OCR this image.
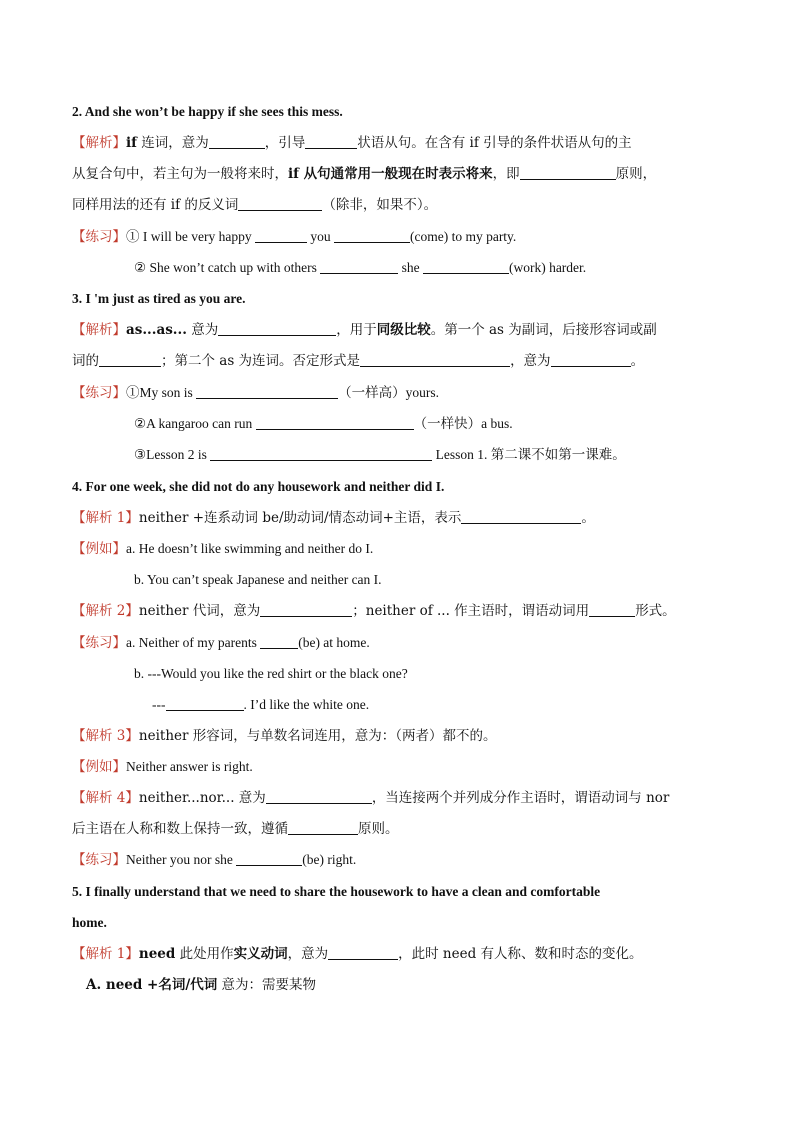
2. And she won’t be happy if she sees this mess.
【解析】if 连词，意为	，引导	状语从句。在含有 if 引导的条件状语从句的主
从复合句中，若主句为一般将来时，if 从句通常用一般现在时表示将来，即	原则，
同样用法的还有 if 的反义词	（除非，如果不）。
【练习】① I will be very happy	you	(come) to my party.
② She won’t catch up with others	she	(work) harder.
3. I 'm just as tired as you are.
【解析】as...as... 意为	，用于同级比较。第一个 as 为副词，后接形容词或副
词的	；第二个 as 为连词。否定形式是	，意为	。
【练习】①My son is	（一样高）yours.
②A kangaroo can run	（一样快）a bus.
③Lesson 2 is	Lesson 1. 第二课不如第一课难。
4. For one week, she did not do any housework and neither did I.
【解析 1】neither +连系动词 be/助动词/情态动词+主语，表示	。
【例如】a. He doesn’t like swimming and neither do I.
b. You can’t speak Japanese and neither can I.
【解析 2】neither 代词，意为	；neither of ... 作主语时，谓语动词用	形式。
【练习】a. Neither of my parents	(be) at home.
b. ---Would you like the red shirt or the black one?
---	. I’d like the white one.
【解析 3】neither 形容词，与单数名词连用，意为：（两者）都不的。
【例如】Neither answer is right.
【解析 4】neither...nor... 意为	，当连接两个并列成分作主语时，谓语动词与 nor
后主语在人称和数上保持一致，遵循	原则。
【练习】Neither you nor she	(be) right.
5. I finally understand that we need to share the housework to have a clean and comfortable
home.
【解析 1】need 此处用作实义动词，意为	，此时 need 有人称、数和时态的变化。
A. need +名词/代词 意为：需要某物
